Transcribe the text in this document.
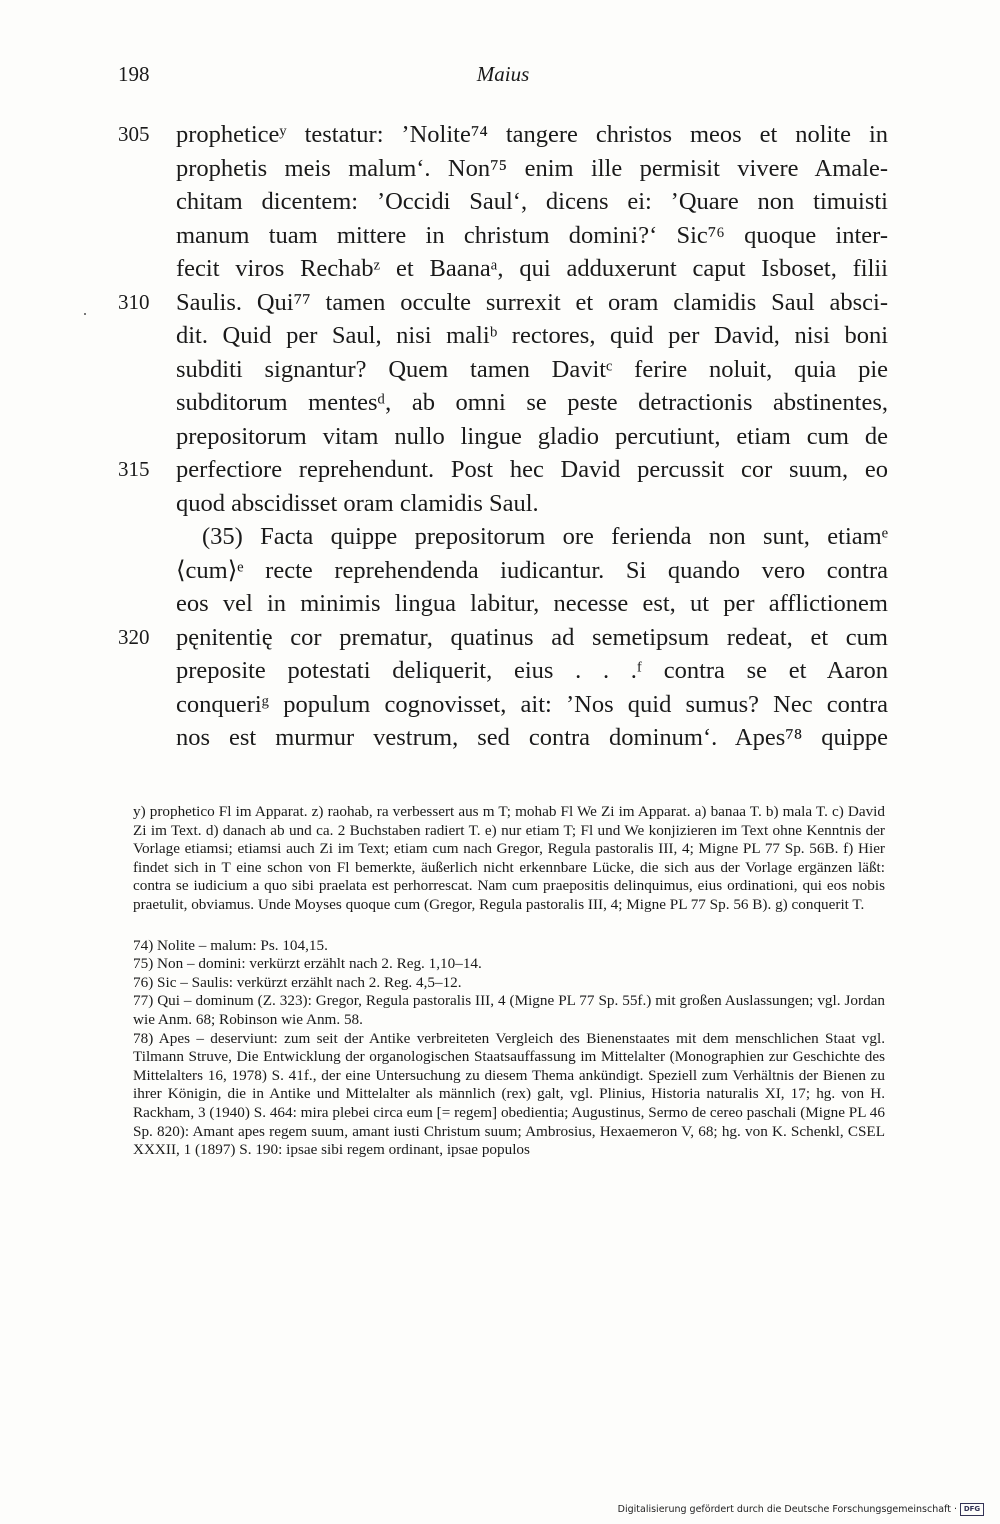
198	Maius
305 propheticeʸ testatur: ’Nolite⁷⁴ tangere christos meos et nolite in
prophetis meis malum‘. Non⁷⁵ enim ille permisit vivere Amale-
chitam dicentem: ’Occidi Saul‘, dicens ei: ’Quare non timuisti
manum tuam mittere in christum domini?‘ Sic⁷⁶ quoque inter-
fecit viros Rechabᶻ et Baanaᵃ, qui adduxerunt caput Isboset, filii
310 Saulis. Qui⁷⁷ tamen occulte surrexit et oram clamidis Saul absci-
dit. Quid per Saul, nisi maliᵇ rectores, quid per David, nisi boni
subditi signantur? Quem tamen Davitᶜ ferire noluit, quia pie
subditorum mentesᵈ, ab omni se peste detractionis abstinentes,
prepositorum vitam nullo lingue gladio percutiunt, etiam cum de
315 perfectiore reprehendunt. Post hec David percussit cor suum, eo
quod abscidisset oram clamidis Saul.
(35) Facta quippe prepositorum ore ferienda non sunt, etiamᵉ
⟨cum⟩ᵉ recte reprehendenda iudicantur. Si quando vero contra
eos vel in minimis lingua labitur, necesse est, ut per afflictionem
320 pęnitentię cor prematur, quatinus ad semetipsum redeat, et cum
preposite potestati deliquerit, eius . . .ᶠ contra se et Aaron
conqueriᵍ populum cognovisset, ait: ’Nos quid sumus? Nec contra
nos est murmur vestrum, sed contra dominum‘. Apes⁷⁸ quippe

y) prophetico Fl im Apparat. z) raohab, ra verbessert aus m T; mohab Fl We Zi im Apparat. a) banaa T. b) mala T. c) David Zi im Text. d) danach ab und ca. 2 Buchstaben radiert T. e) nur etiam T; Fl und We konjizieren im Text ohne Kenntnis der Vorlage etiamsi; etiamsi auch Zi im Text; etiam cum nach Gregor, Regula pastoralis III, 4; Migne PL 77 Sp. 56B. f) Hier findet sich in T eine schon von Fl bemerkte, äußerlich nicht erkennbare Lücke, die sich aus der Vorlage ergänzen läßt: contra se iudicium a quo sibi praelata est perhorrescat. Nam cum praepositis delinquimus, eius ordinationi, qui eos nobis praetulit, obviamus. Unde Moyses quoque cum (Gregor, Regula pastoralis III, 4; Migne PL 77 Sp. 56 B). g) conquerit T.

74) Nolite – malum: Ps. 104,15.

75) Non – domini: verkürzt erzählt nach 2. Reg. 1,10–14.

76) Sic – Saulis: verkürzt erzählt nach 2. Reg. 4,5–12.

77) Qui – dominum (Z. 323): Gregor, Regula pastoralis III, 4 (Migne PL 77 Sp. 55f.) mit großen Auslassungen; vgl. Jordan wie Anm. 68; Robinson wie Anm. 58.

78) Apes – deserviunt: zum seit der Antike verbreiteten Vergleich des Bienenstaates mit dem menschlichen Staat vgl. Tilmann Struve, Die Entwicklung der organologischen Staatsauffassung im Mittelalter (Monographien zur Geschichte des Mittelalters 16, 1978) S. 41f., der eine Untersuchung zu diesem Thema ankündigt. Speziell zum Verhältnis der Bienen zu ihrer Königin, die in Antike und Mittelalter als männlich (rex) galt, vgl. Plinius, Historia naturalis XI, 17; hg. von H. Rackham, 3 (1940) S. 464: mira plebei circa eum [= regem] obedientia; Augustinus, Sermo de cereo paschali (Migne PL 46 Sp. 820): Amant apes regem suum, amant iusti Christum suum; Ambrosius, Hexaemeron V, 68; hg. von K. Schenkl, CSEL XXXII, 1 (1897) S. 190: ipsae sibi regem ordinant, ipsae populos

Digitalisierung gefördert durch die Deutsche Forschungsgemeinschaft · DFG
